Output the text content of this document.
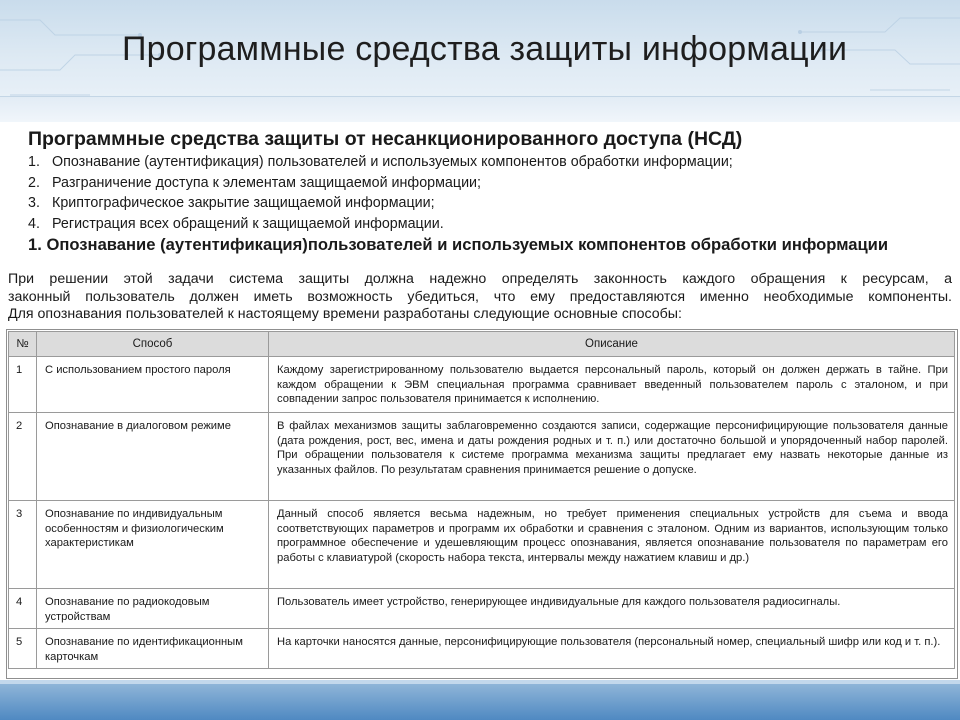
Программные средства защиты информации
Программные средства защиты от несанкционированного доступа (НСД)
1. Опознавание (аутентификация) пользователей и используемых компонентов обработки информации;
2. Разграничение доступа к элементам защищаемой информации;
3. Криптографическое закрытие защищаемой информации;
4. Регистрация всех обращений к защищаемой информации.
1. Опознавание (аутентификация)пользователей и используемых компонентов обработки информации
При решении этой задачи система защиты должна надежно определять законность каждого обращения к ресурсам, а
законный пользователь должен иметь возможность убедиться, что ему предоставляются именно необходимые компоненты.
Для опознавания пользователей к настоящему времени разработаны следующие основные способы:
№	Способ	Описание
1	С использованием простого пароля	Каждому зарегистрированному пользователю выдается персональный пароль, который он должен держать в тайне. При каждом обращении к ЭВМ специальная программа сравнивает введенный пользователем пароль с эталоном, и при совпадении запрос пользователя принимается к исполнению.
2	Опознавание в диалоговом режиме	В файлах механизмов защиты заблаговременно создаются записи, содержащие персонифицирующие пользователя данные (дата рождения, рост, вес, имена и даты рождения родных и т. п.) или достаточно большой и упорядоченный набор паролей. При обращении пользователя к системе программа механизма защиты предлагает ему назвать некоторые данные из указанных файлов. По результатам сравнения принимается решение о допуске.
3	Опознавание по индивидуальным особенностям и физиологическим характеристикам	Данный способ является весьма надежным, но требует применения специальных устройств для съема и ввода соответствующих параметров и программ их обработки и сравнения с эталоном. Одним из вариантов, использующим только программное обеспечение и удешевляющим процесс опознавания, является опознавание пользователя по параметрам его работы с клавиатурой (скорость набора текста, интервалы между нажатием клавиш и др.)
4	Опознавание по радиокодовым устройствам	Пользователь имеет устройство, генерирующее индивидуальные для каждого пользователя радиосигналы.
5	Опознавание по идентификационным карточкам	На карточки наносятся данные, персонифицирующие пользователя (персональный номер, специальный шифр или код и т. п.).
